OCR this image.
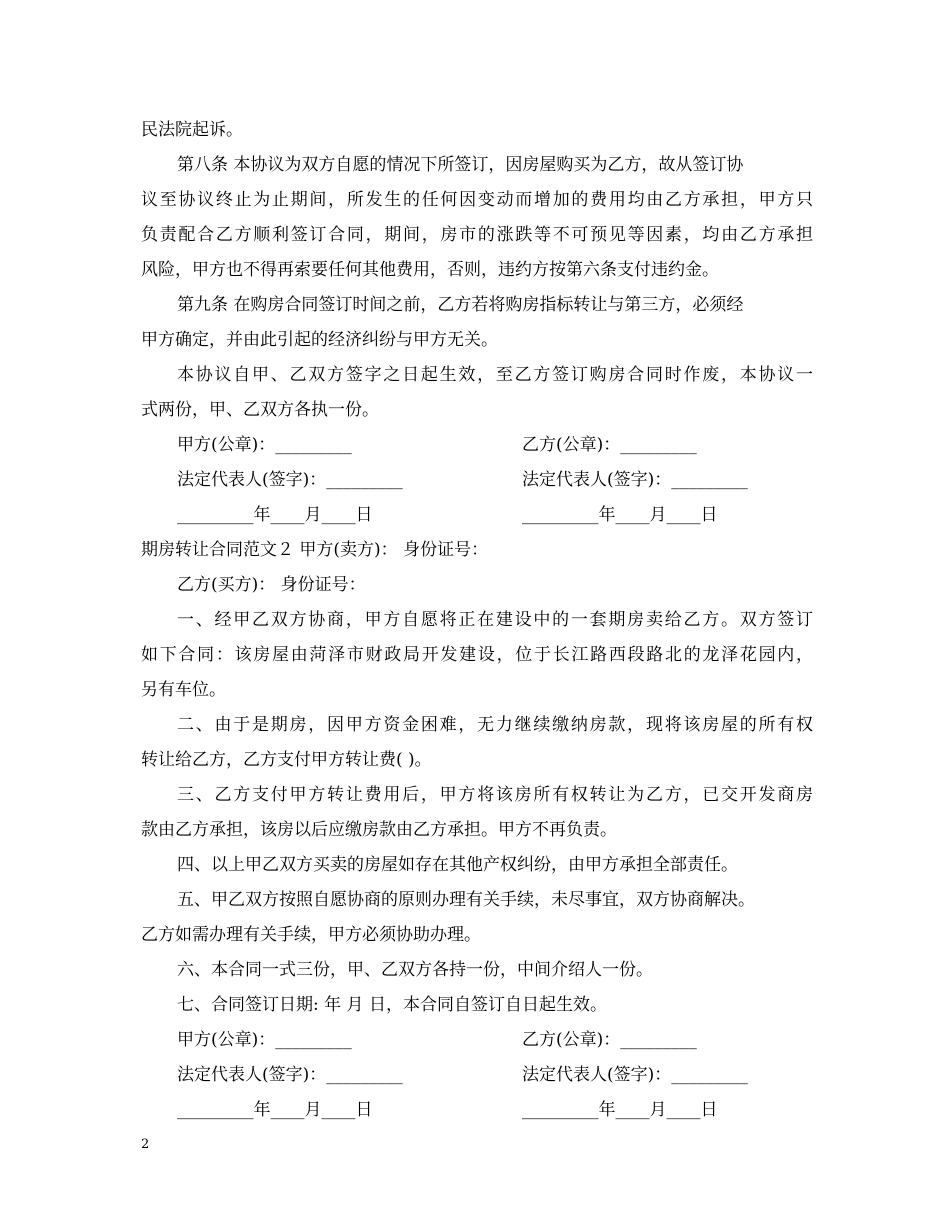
民法院起诉。
第八条 本协议为双方自愿的情况下所签订，因房屋购买为乙方，故从签订协
议至协议终止为止期间，所发生的任何因变动而增加的费用均由乙方承担，甲方只
负责配合乙方顺利签订合同，期间，房市的涨跌等不可预见等因素，均由乙方承担
风险，甲方也不得再索要任何其他费用，否则，违约方按第六条支付违约金。
第九条 在购房合同签订时间之前，乙方若将购房指标转让与第三方，必须经
甲方确定，并由此引起的经济纠纷与甲方无关。
本协议自甲、乙双方签字之日起生效，至乙方签订购房合同时作废，本协议一
式两份，甲、乙双方各执一份。
甲方(公章)：_________	乙方(公章)：_________
法定代表人(签字)：_________	法定代表人(签字)：_________
_________年____月____日	_________年____月____日
期房转让合同范文２ 甲方(卖方)： 身份证号：
乙方(买方)： 身份证号：
一、经甲乙双方协商，甲方自愿将正在建设中的一套期房卖给乙方。双方签订
如下合同：该房屋由菏泽市财政局开发建设，位于长江路西段路北的龙泽花园内，
另有车位。
二、由于是期房，因甲方资金困难，无力继续缴纳房款，现将该房屋的所有权
转让给乙方，乙方支付甲方转让费( )。
三、乙方支付甲方转让费用后，甲方将该房所有权转让为乙方，已交开发商房
款由乙方承担，该房以后应缴房款由乙方承担。甲方不再负责。
四、以上甲乙双方买卖的房屋如存在其他产权纠纷，由甲方承担全部责任。
五、甲乙双方按照自愿协商的原则办理有关手续，未尽事宜，双方协商解决。
乙方如需办理有关手续，甲方必须协助办理。
六、本合同一式三份，甲、乙双方各持一份，中间介绍人一份。
七、合同签订日期: 年 月 日，本合同自签订自日起生效。
甲方(公章)：_________	乙方(公章)：_________
法定代表人(签字)：_________	法定代表人(签字)：_________
_________年____月____日	_________年____月____日
2
